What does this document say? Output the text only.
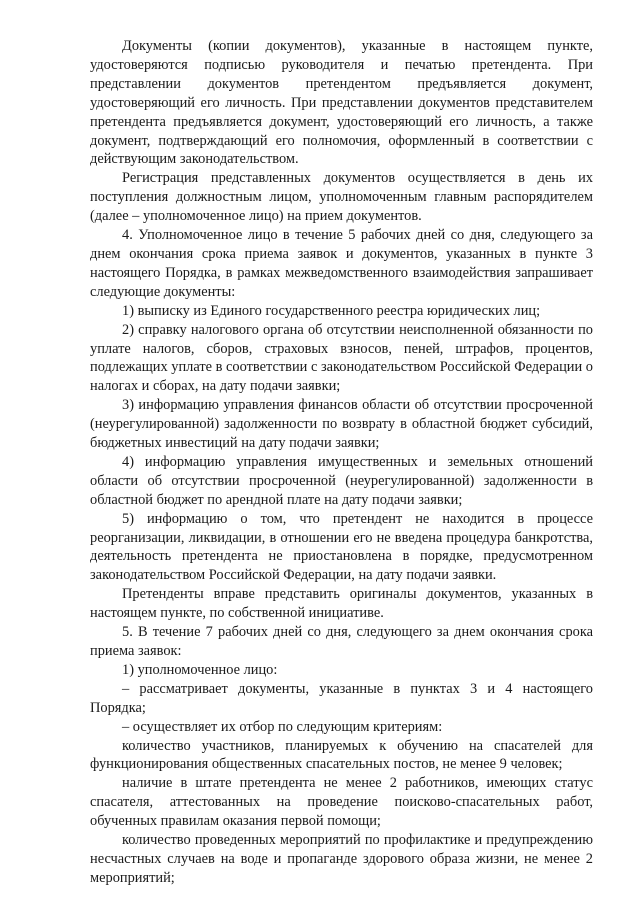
Документы (копии документов), указанные в настоящем пункте, удостоверяются подписью руководителя и печатью претендента. При представлении документов претендентом предъявляется документ, удостоверяющий его личность. При представлении документов представителем претендента предъявляется документ, удостоверяющий его личность, а также документ, подтверждающий его полномочия, оформленный в соответствии с действующим законодательством.

Регистрация представленных документов осуществляется в день их поступления должностным лицом, уполномоченным главным распорядителем (далее – уполномоченное лицо) на прием документов.

4. Уполномоченное лицо в течение 5 рабочих дней со дня, следующего за днем окончания срока приема заявок и документов, указанных в пункте 3 настоящего Порядка, в рамках межведомственного взаимодействия запрашивает следующие документы:

1) выписку из Единого государственного реестра юридических лиц;

2) справку налогового органа об отсутствии неисполненной обязанности по уплате налогов, сборов, страховых взносов, пеней, штрафов, процентов, подлежащих уплате в соответствии с законодательством Российской Федерации о налогах и сборах, на дату подачи заявки;

3) информацию управления финансов области об отсутствии просроченной (неурегулированной) задолженности по возврату в областной бюджет субсидий, бюджетных инвестиций на дату подачи заявки;

4) информацию управления имущественных и земельных отношений области об отсутствии просроченной (неурегулированной) задолженности в областной бюджет по арендной плате на дату подачи заявки;

5) информацию о том, что претендент не находится в процессе реорганизации, ликвидации, в отношении его не введена процедура банкротства, деятельность претендента не приостановлена в порядке, предусмотренном законодательством Российской Федерации, на дату подачи заявки.

Претенденты вправе представить оригиналы документов, указанных в настоящем пункте, по собственной инициативе.

5. В течение 7 рабочих дней со дня, следующего за днем окончания срока приема заявок:

1) уполномоченное лицо:

– рассматривает документы, указанные в пунктах 3 и 4 настоящего Порядка;

– осуществляет их отбор по следующим критериям:

количество участников, планируемых к обучению на спасателей для функционирования общественных спасательных постов, не менее 9 человек;

наличие в штате претендента не менее 2 работников, имеющих статус спасателя, аттестованных на проведение поисково-спасательных работ, обученных правилам оказания первой помощи;

количество проведенных мероприятий по профилактике и предупреждению несчастных случаев на воде и пропаганде здорового образа жизни, не менее 2 мероприятий;
